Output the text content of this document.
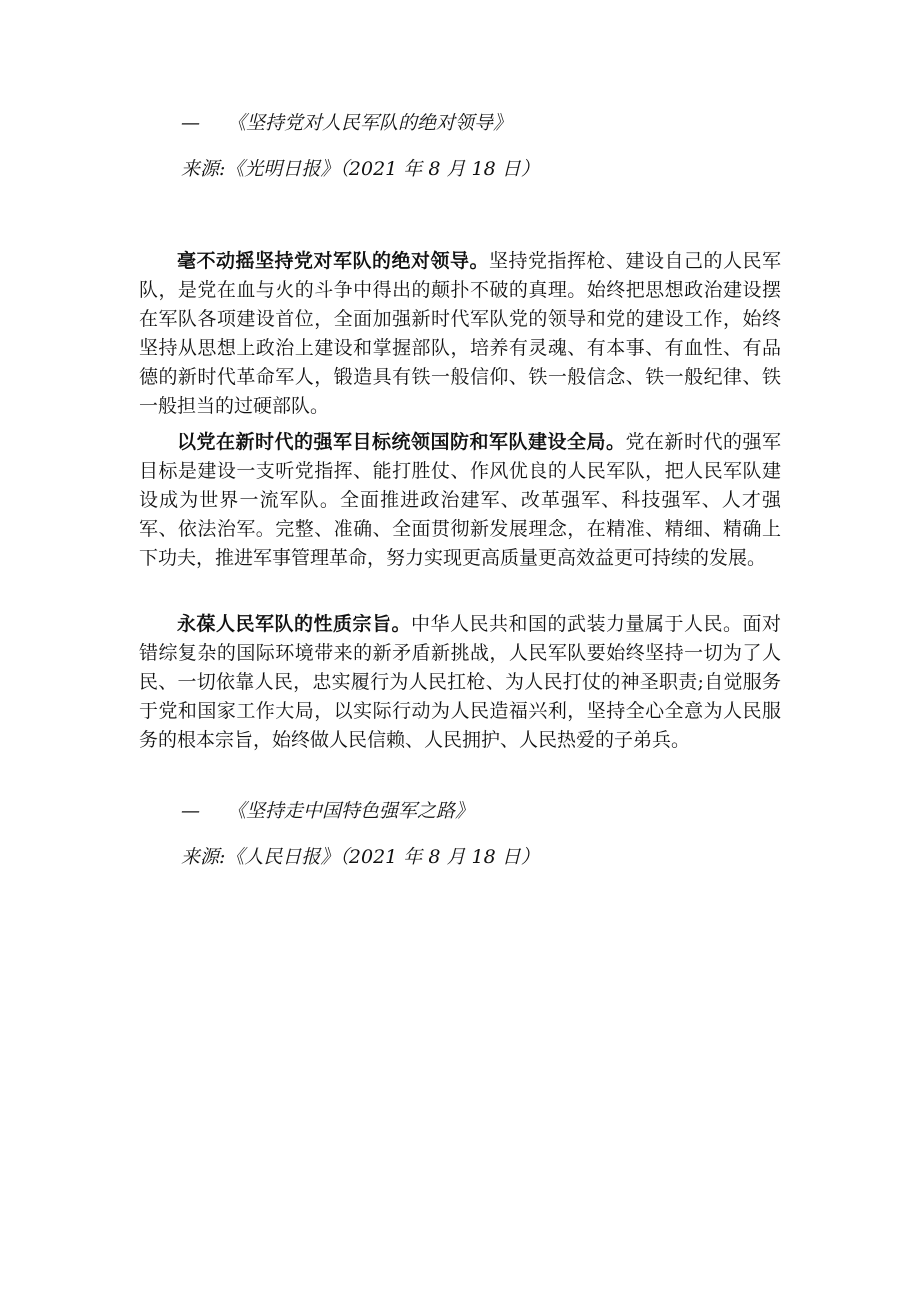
— 《坚持党对人民军队的绝对领导》
来源:《光明日报》（2021 年 8 月 18 日）

毫不动摇坚持党对军队的绝对领导。坚持党指挥枪、建设自己的人民军队，是党在血与火的斗争中得出的颠扑不破的真理。始终把思想政治建设摆在军队各项建设首位，全面加强新时代军队党的领导和党的建设工作，始终坚持从思想上政治上建设和掌握部队，培养有灵魂、有本事、有血性、有品德的新时代革命军人，锻造具有铁一般信仰、铁一般信念、铁一般纪律、铁一般担当的过硬部队。

以党在新时代的强军目标统领国防和军队建设全局。党在新时代的强军目标是建设一支听党指挥、能打胜仗、作风优良的人民军队，把人民军队建设成为世界一流军队。全面推进政治建军、改革强军、科技强军、人才强军、依法治军。完整、准确、全面贯彻新发展理念，在精准、精细、精确上下功夫，推进军事管理革命，努力实现更高质量更高效益更可持续的发展。

永葆人民军队的性质宗旨。中华人民共和国的武装力量属于人民。面对错综复杂的国际环境带来的新矛盾新挑战，人民军队要始终坚持一切为了人民、一切依靠人民，忠实履行为人民扛枪、为人民打仗的神圣职责;自觉服务于党和国家工作大局，以实际行动为人民造福兴利，坚持全心全意为人民服务的根本宗旨，始终做人民信赖、人民拥护、人民热爱的子弟兵。

— 《坚持走中国特色强军之路》
来源:《人民日报》（2021 年 8 月 18 日）
